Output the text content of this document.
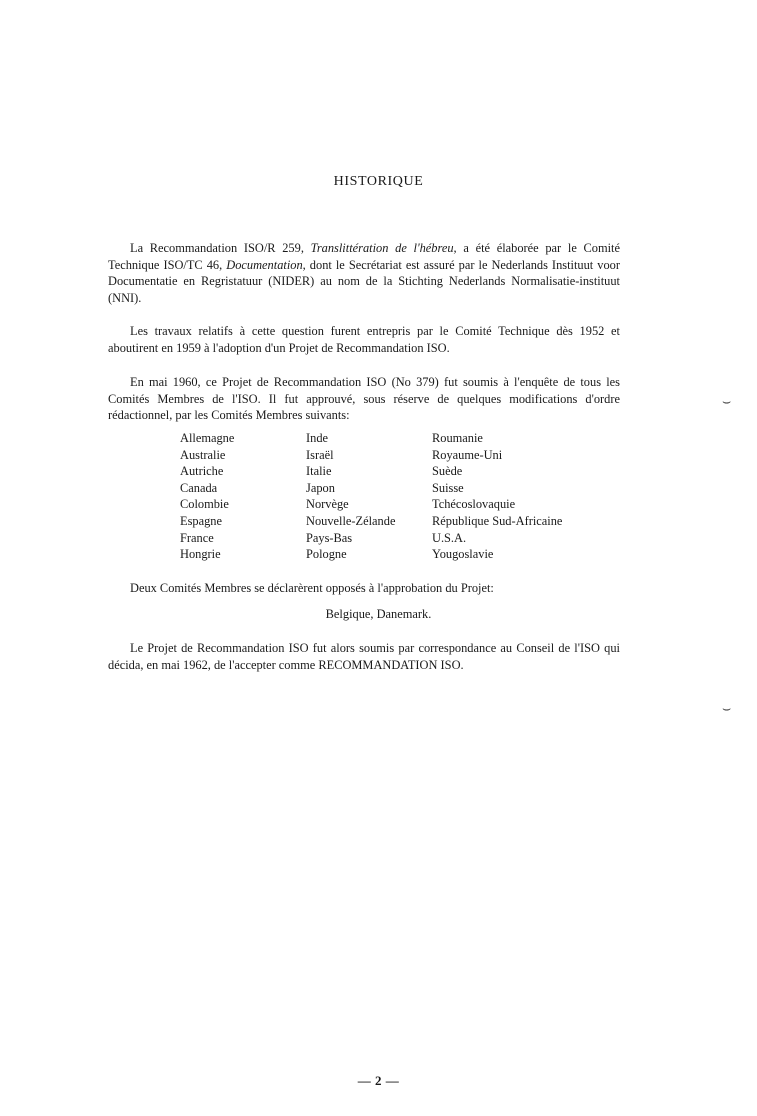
HISTORIQUE

La Recommandation ISO/R 259, Translittération de l'hébreu, a été élaborée par le Comité Technique ISO/TC 46, Documentation, dont le Secrétariat est assuré par le Nederlands Instituut voor Documentatie en Regristatuur (NIDER) au nom de la Stichting Nederlands Normalisatie-instituut (NNI).

Les travaux relatifs à cette question furent entrepris par le Comité Technique dès 1952 et aboutirent en 1959 à l'adoption d'un Projet de Recommandation ISO.

En mai 1960, ce Projet de Recommandation ISO (No 379) fut soumis à l'enquête de tous les Comités Membres de l'ISO. Il fut approuvé, sous réserve de quelques modifications d'ordre rédactionnel, par les Comités Membres suivants:

Allemagne
Australie
Autriche
Canada
Colombie
Espagne
France
Hongrie
Inde
Israël
Italie
Japon
Norvège
Nouvelle-Zélande
Pays-Bas
Pologne
Roumanie
Royaume-Uni
Suède
Suisse
Tchécoslovaquie
République Sud-Africaine
U.S.A.
Yougoslavie

Deux Comités Membres se déclarèrent opposés à l'approbation du Projet:

Belgique, Danemark.

Le Projet de Recommandation ISO fut alors soumis par correspondance au Conseil de l'ISO qui décida, en mai 1962, de l'accepter comme RECOMMANDATION ISO.

— 2 —
⌣
⌣
